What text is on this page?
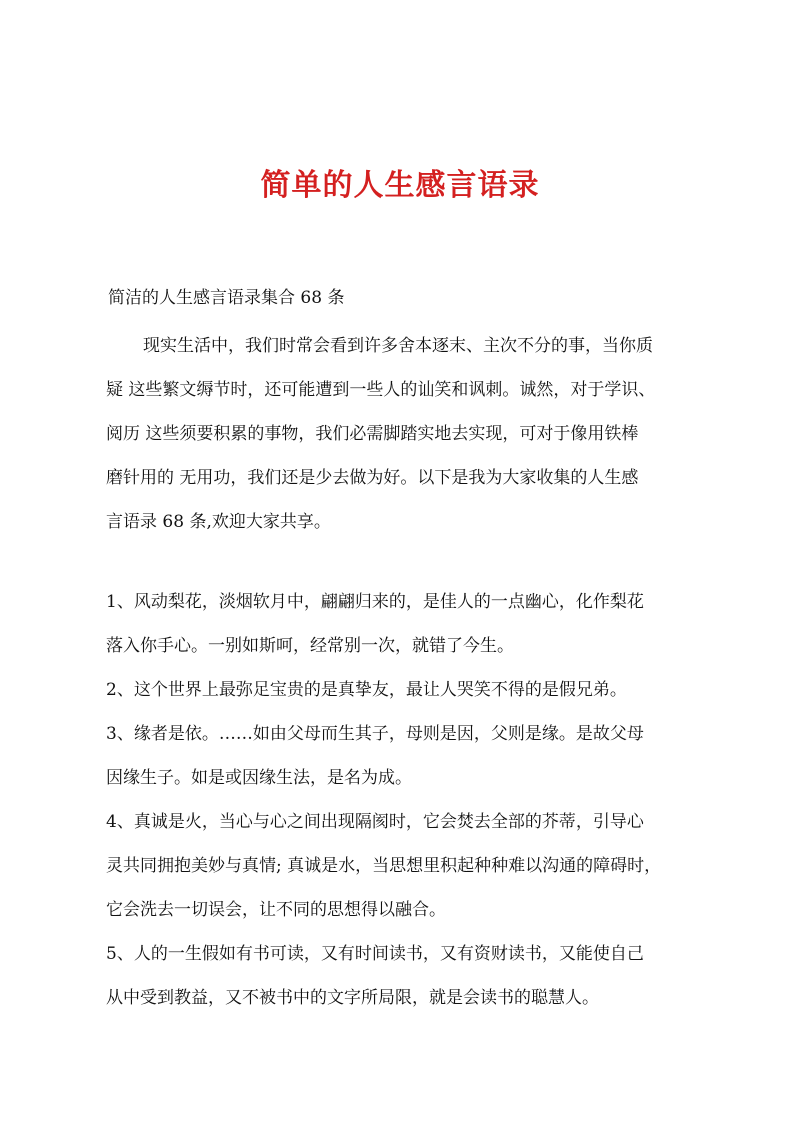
简单的人生感言语录
简洁的人生感言语录集合 68 条
现实生活中，我们时常会看到许多舍本逐末、主次不分的事，当你质
疑 这些繁文缛节时，还可能遭到一些人的讪笑和讽刺。诚然，对于学识、
阅历 这些须要积累的事物，我们必需脚踏实地去实现，可对于像用铁棒
磨针用的 无用功，我们还是少去做为好。以下是我为大家收集的人生感
言语录 68 条,欢迎大家共享。
1、风动梨花，淡烟软月中，翩翩归来的，是佳人的一点幽心，化作梨花
落入你手心。一别如斯呵，经常别一次，就错了今生。
2、这个世界上最弥足宝贵的是真挚友，最让人哭笑不得的是假兄弟。
3、缘者是依。……如由父母而生其子，母则是因，父则是缘。是故父母
因缘生子。如是或因缘生法，是名为成。
4、真诚是火，当心与心之间出现隔阂时，它会焚去全部的芥蒂，引导心
灵共同拥抱美妙与真情; 真诚是水，当思想里积起种种难以沟通的障碍时，
它会洗去一切误会，让不同的思想得以融合。
5、人的一生假如有书可读，又有时间读书，又有资财读书，又能使自己
从中受到教益，又不被书中的文字所局限，就是会读书的聪慧人。
